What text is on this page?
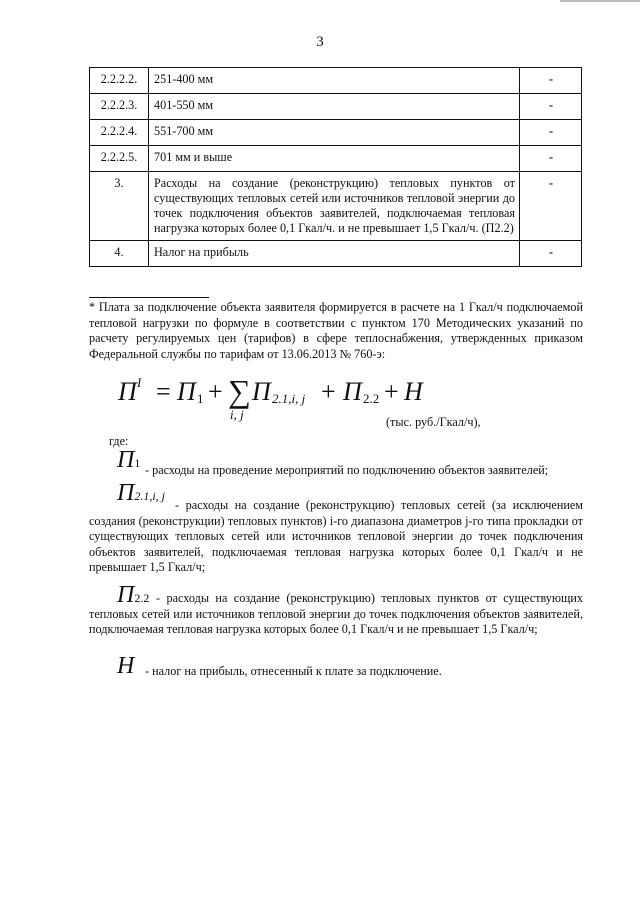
3
2.2.2.2.	251-400 мм	-
2.2.2.3.	401-550 мм	-
2.2.2.4.	551-700 мм	-
2.2.2.5.	701 мм и выше	-
3.	Расходы на создание (реконструкцию) тепловых пунктов от существующих тепловых сетей или источников тепловой энергии до точек подключения объектов заявителей, подключаемая тепловая нагрузка которых более 0,1 Гкал/ч. и не превышает 1,5 Гкал/ч. (П2.2)	-
4.	Налог на прибыль	-

* Плата за подключение объекта заявителя формируется в расчете на 1 Гкал/ч подключаемой тепловой нагрузки по формуле в соответствии с пунктом 170 Методических указаний по расчету регулируемых цен (тарифов) в сфере теплоснабжения, утвержденных приказом Федеральной службы по тарифам от 13.06.2013 № 760-э:

П I = П 1 + ∑
i, j
П 2.1,i, j + П 2.2 + Н
(тыс. руб./Гкал/ч),
где:
П1 - расходы на проведение мероприятий по подключению объектов заявителей;

П2.1,i, j

- расходы на создание (реконструкцию) тепловых сетей (за исключением создания (реконструкции) тепловых пунктов) i-го диапазона диаметров j-го типа прокладки от существующих тепловых сетей или источников тепловой энергии до точек подключения объектов заявителей, подключаемая тепловая нагрузка которых более 0,1 Гкал/ч и не превышает 1,5 Гкал/ч;

П2.2 - расходы на создание (реконструкцию) тепловых пунктов от существующих тепловых сетей или источников тепловой энергии до точек подключения объектов заявителей, подключаемая тепловая нагрузка которых более 0,1 Гкал/ч и не превышает 1,5 Гкал/ч;

Н - налог на прибыль, отнесенный к плате за подключение.
